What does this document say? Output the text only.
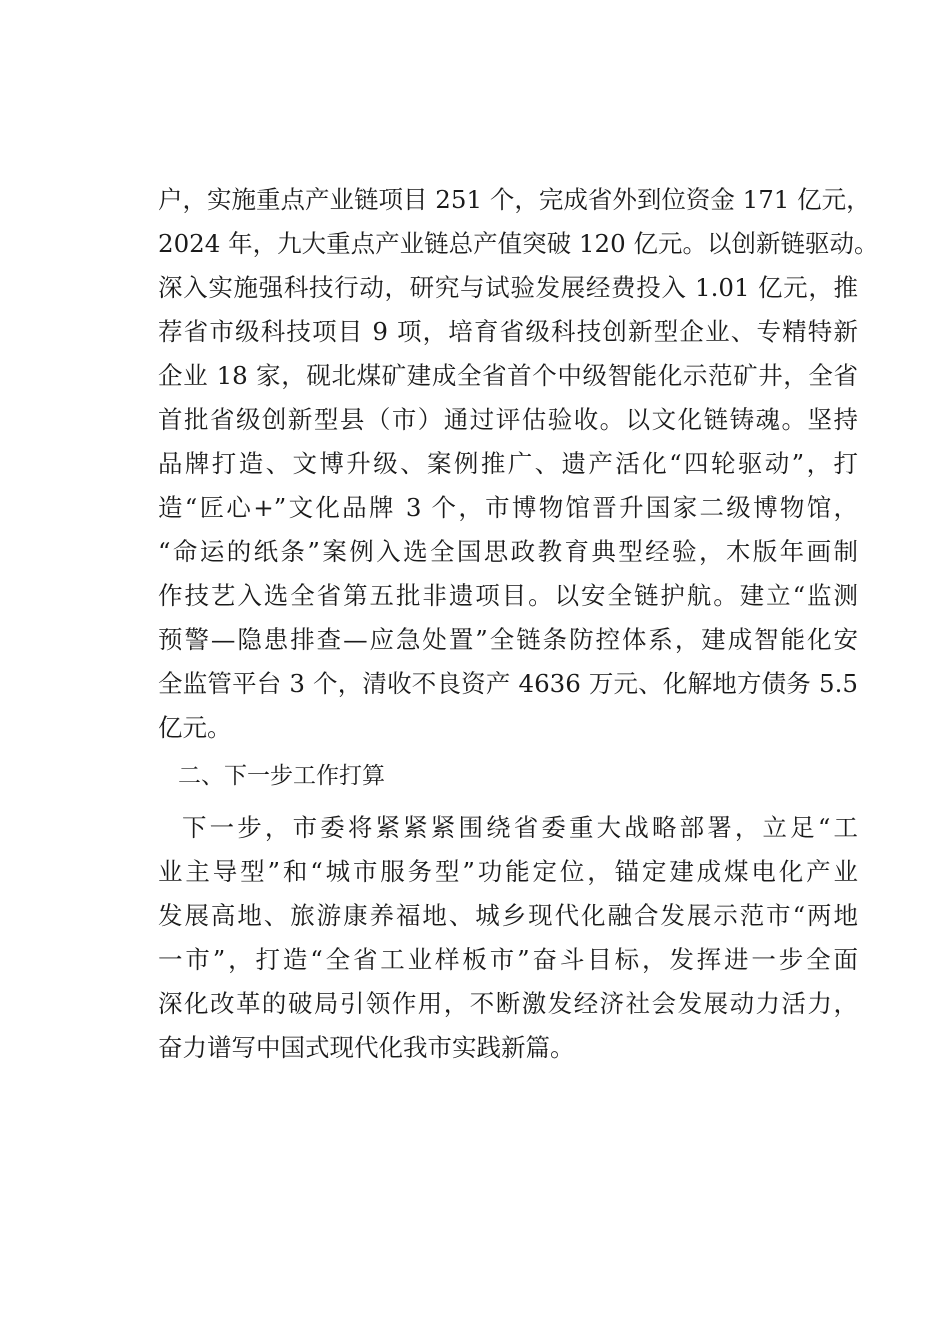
户，实施重点产业链项目 251 个，完成省外到位资金 171 亿元，
2024 年，九大重点产业链总产值突破 120 亿元。以创新链驱动。
深入实施强科技行动，研究与试验发展经费投入 1.01 亿元，推
荐省市级科技项目 9 项，培育省级科技创新型企业、专精特新
企业 18 家，砚北煤矿建成全省首个中级智能化示范矿井，全省
首批省级创新型县（市）通过评估验收。以文化链铸魂。坚持
品牌打造、文博升级、案例推广、遗产活化“四轮驱动”，打
造“匠心+”文化品牌 3 个，市博物馆晋升国家二级博物馆，
“命运的纸条”案例入选全国思政教育典型经验，木版年画制
作技艺入选全省第五批非遗项目。以安全链护航。建立“监测
预警—隐患排查—应急处置”全链条防控体系，建成智能化安
全监管平台 3 个，清收不良资产 4636 万元、化解地方债务 5.5
亿元。
二、下一步工作打算
下一步，市委将紧紧紧围绕省委重大战略部署，立足“工
业主导型”和“城市服务型”功能定位，锚定建成煤电化产业
发展高地、旅游康养福地、城乡现代化融合发展示范市“两地
一市”，打造“全省工业样板市”奋斗目标，发挥进一步全面
深化改革的破局引领作用，不断激发经济社会发展动力活力，
奋力谱写中国式现代化我市实践新篇。
